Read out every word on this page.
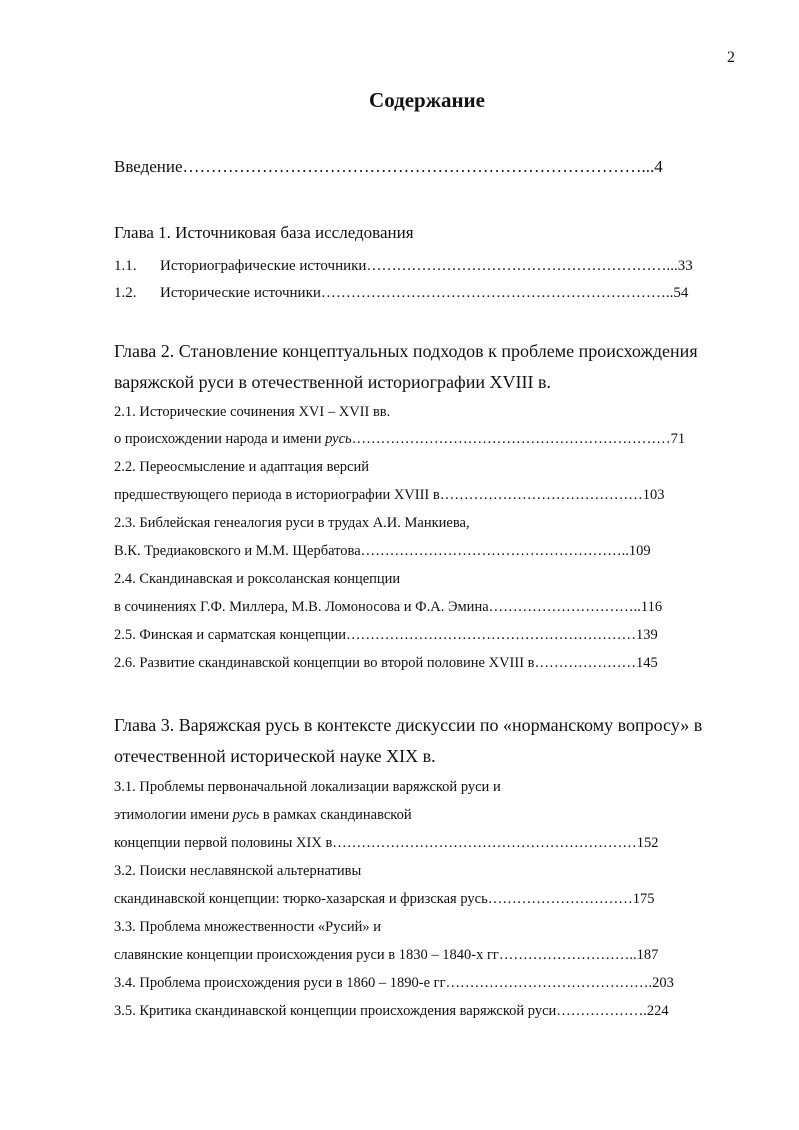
2
Содержание
Введение………………………………………………………………………...4
Глава 1. Источниковая база исследования
1.1. Историографические источники……………………………………………………...33
1.2. Исторические источники……………………………………………………………..54
Глава 2. Становление концептуальных подходов к проблеме происхождения
варяжской руси в отечественной историографии XVIII в.
2.1. Исторические сочинения XVI – XVII вв.
о происхождении народа и имени русь…………………………………………………………71
2.2. Переосмысление и адаптация версий
предшествующего периода в историографии XVIII в……………………………………103
2.3. Библейская генеалогия руси в трудах А.И. Манкиева,
В.К. Тредиаковского и М.М. Щербатова………………………………………………..109
2.4. Скандинавская и роксоланская концепции
в сочинениях Г.Ф. Миллера, М.В. Ломоносова и Ф.А. Эмина…………………………..116
2.5. Финская и сарматская концепции……………………………………………………139
2.6. Развитие скандинавской концепции во второй половине XVIII в…………………145
Глава 3. Варяжская русь в контексте дискуссии по «норманскому вопросу» в
отечественной исторической науке XIX в.
3.1. Проблемы первоначальной локализации варяжской руси и
этимологии имени русь в рамках скандинавской
концепции первой половины XIX в………………………………………………………152
3.2. Поиски неславянской альтернативы
скандинавской концепции: тюрко-хазарская и фризская русь…………………………175
3.3. Проблема множественности «Русий» и
славянские концепции происхождения руси в 1830 – 1840-х гг………………………..187
3.4. Проблема происхождения руси в 1860 – 1890-е гг…………………………………….203
3.5. Критика скандинавской концепции происхождения варяжской руси……………….224
